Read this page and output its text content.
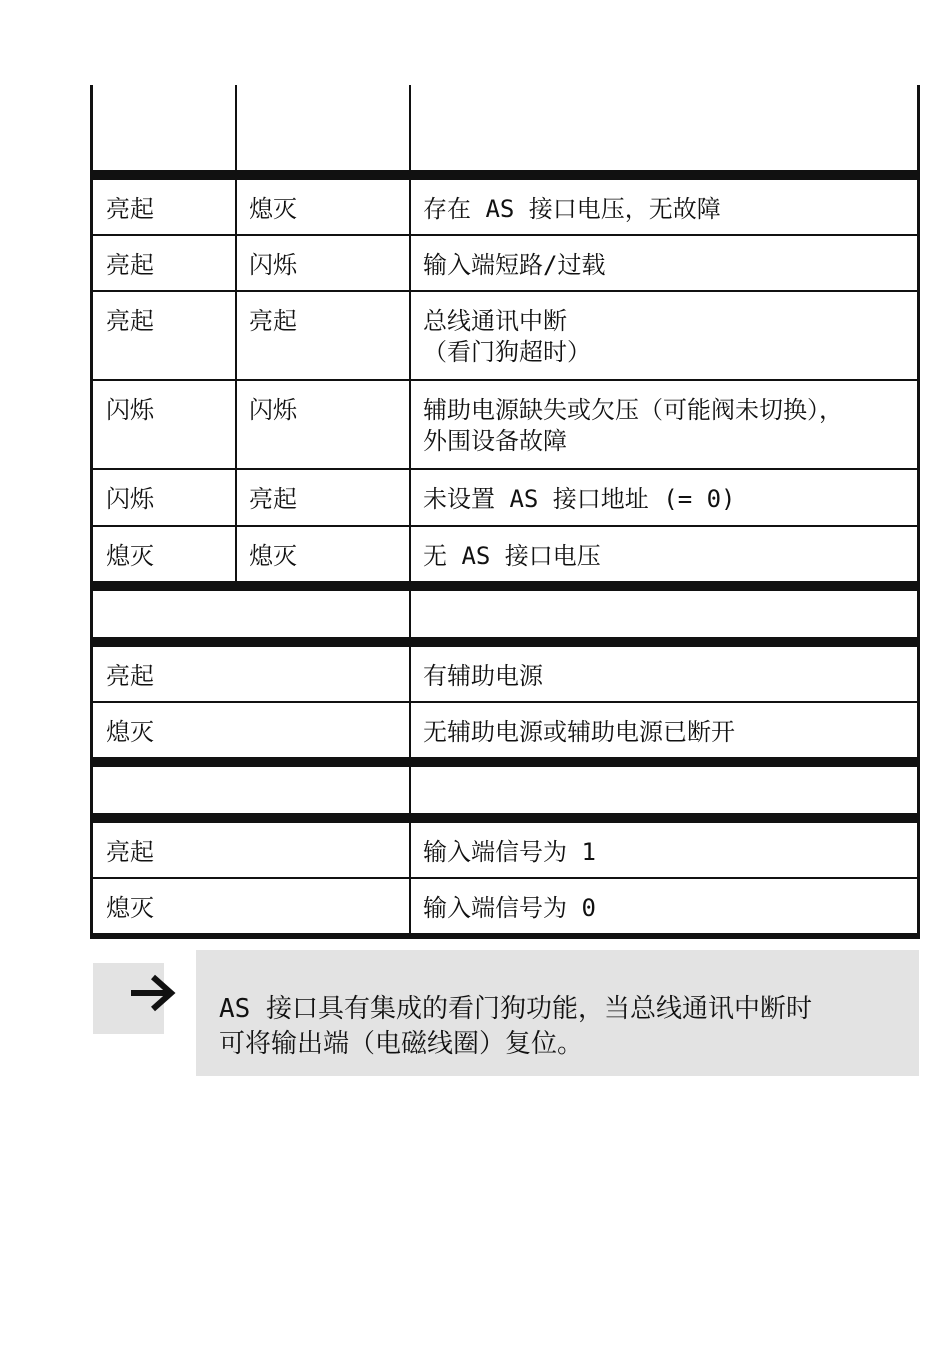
亮起	熄灭	存在 AS 接口电压，无故障
亮起	闪烁	输入端短路/过载
亮起	亮起	总线通讯中断
（看门狗超时）
闪烁	闪烁	辅助电源缺失或欠压（可能阀未切换），
外围设备故障
闪烁	亮起	未设置 AS 接口地址 (= 0)
熄灭	熄灭	无 AS 接口电压
亮起	有辅助电源
熄灭	无辅助电源或辅助电源已断开
亮起	输入端信号为 1
熄灭	输入端信号为 0
AS 接口具有集成的看门狗功能，当总线通讯中断时
可将输出端（电磁线圈）复位。
